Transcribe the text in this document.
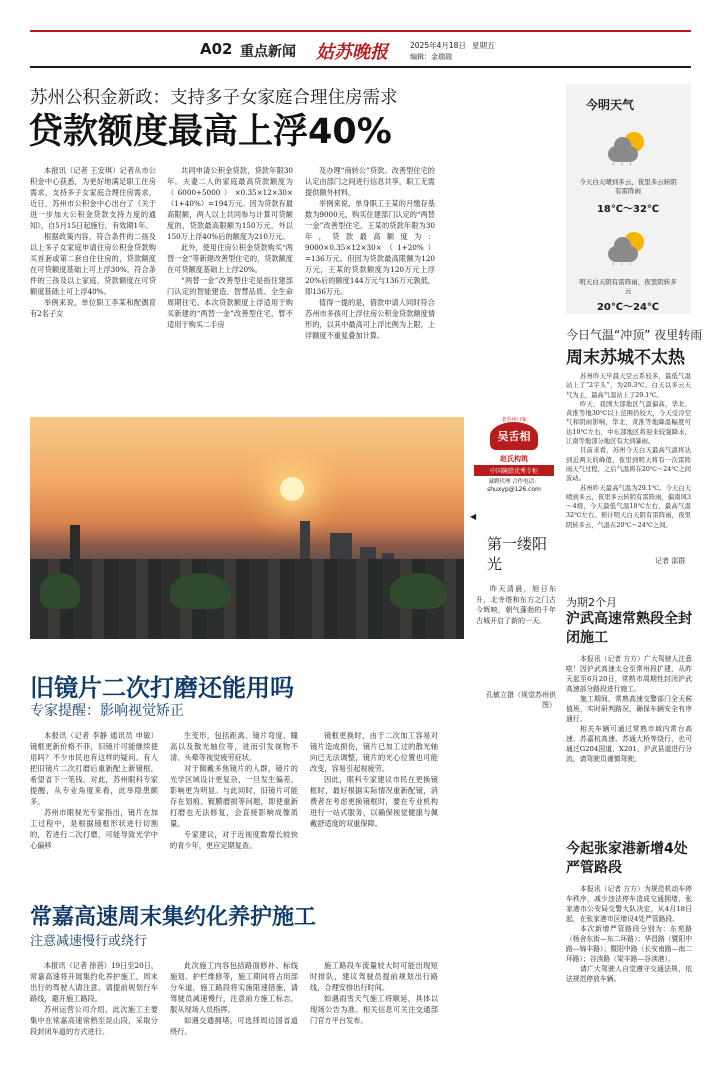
A02 重点新闻 姑苏晚报	2025年4月18日 星期五
编辑：金瑞瑞
苏州公积金新政：支持多子女家庭合理住房需求
贷款额度最高上浮40%

本报讯（记者 王安琪）记者从市公积金中心获悉，为更好地满足职工住房需求，支持多子女家庭合理住房需求，近日，苏州市公积金中心出台了《关于进一步加大公积金贷款支持力度的通知》，自5月15日起施行，有效期1年。

根据政策内容，符合条件的二孩及以上多子女家庭申请住房公积金贷款购买首套或第二套自住住房的，贷款额度在可贷额度基础上可上浮30%。符合条件的三孩及以上家庭，贷款额度在可贷额度基础上可上浮40%。

举例来说，单位职工李某和配偶育有2名子女

共同申请公积金贷款，贷款年限30年。夫妻二人的家庭最高贷款额度为（6000+5000）×0.35×12×30×（1+40%）=194万元。因为贷款有最高限额，两人以上共同参与计算可贷额度的，贷款最高限额为150万元，外以150万上浮40%后的额度为210万元。

此外，使用住房公积金贷款购买“两替一金”等新建改善型住宅的，贷款额度在可贷额度基础上上浮20%。

“两替一金”改善型住宅是指住建部门认定的智能建造、智慧品质、全生命周期住宅。本次贷款额度上浮适用于购买新建的“两替一金”改善型住宅，暂不适用于购买二手房

及办理“商转公”贷款。改善型住宅的认定由部门之间进行信息共享，职工无需提供额外材料。

举例来说，单身职工王某的月缴存基数为9000元，购买住建部门认定的“两替一金”改善型住宅。王某的贷款年限为30年，贷款最高额度为：9000×0.35×12×30×（1+20%）=136万元。但因为贷款最高限额为120万元，王某的贷款额度为120万元上浮20%后的额度144万元与136万元孰低，即136万元。

值得一提的是，借款申请人同时符合苏州市多孩可上浮住房公积金贷款额度情形的，以其中最高可上浮比例为上限，上浮额度不重复叠加计算。

今明天气
' ' '
今天白天晴到多云，夜里多云转阴有雷阵雨
18℃～32℃
' ' '
明天白天阴有雷阵雨，夜里阴转多云
20℃～24℃
今日气温“冲顶” 夜里转雨
周末苏城不太热

苏州昨天早晨天空云系较多，最低气温站上了“2字头”，为20.3℃，白天以多云天气为主，最高气温站上了29.1℃。

昨天，我国大部地区气温偏高，华北、黄淮等地30℃以上范围仍较大，今天受冷空气和阴雨影响，华北、黄淮等地降温幅度可达10℃左右，中东部地区将迎来较强降水，江南等地部分地区有大到暴雨。

目前来看，苏州今天白天最高气温将达到近两天的峰值，夜里到明天将有一次雷阵雨天气过程，之后气温将在20℃～24℃之间波动。

苏州昨天最高气温为29.1℃。今天白天晴到多云，夜里多云转阴有雷阵雨，偏南风3～4级，今天最低气温18℃左右，最高气温32℃左右。预计明天白天阴有雷阵雨，夜里阴转多云，气温在20℃～24℃之间。

记者 邵群
吴舌相
老苏州口味
赵氏构筑
中国腌腊优秀专柜
诚聘代理 合作电话：
shuxyp@126.com
◀
第一缕阳光

昨天清晨，旭日东升，北寺塔和东方之门古今辉映，朝气蓬勃的千年古城开启了新的一天。

孔敏立摄（视觉苏州供图）
旧镜片二次打磨还能用吗
专家提醒：影响视觉矫正

本报讯（记者 李静 通讯员 申敏）镜框更新价格不菲，旧镜片可能继续使用吗？不少市民也有这样的疑问。有人把旧镜片二次打磨后重新配上新镜框，希望省下一笔钱。对此，苏州眼科专家提醒，从专业角度来看，此举隐患颇多。

苏州市眼视光专家指出，镜片在加工过程中，是根据镜框形状进行切割的，若进行二次打磨，可能导致光学中心偏移

生变形，包括距离、镜片弯度、瞳高以及散光轴位等，进而引发视物不清、头晕等视觉疲劳症状。

对于佩戴多焦镜片的人群，镜片的光学区域设计更复杂，一旦发生偏差，影响更为明显。与此同时，旧镜片可能存在划痕、镀膜磨损等问题，即使重新打磨也无法修复，会直接影响成像质量。

专家建议，对于近视度数增长较快的青少年，更应定期复查。

镜框更换时，由于二次加工容易对镜片造成损伤，镜片已加工过的散光轴向已无法调整，镜片的光心位置也可能改变，容易引起视疲劳。

因此，眼科专家建议市民在更换镜框时，最好根据实际情况重新配镜，消费者在考虑更换镜框时，要在专业机构进行一站式服务，以确保视觉健康与佩戴舒适度的双重保障。

为期2个月
沪武高速常熟段全封闭施工

本报讯（记者 方方）广大驾驶人注意啦！因沪武高速太仓至常州段扩建，从昨天起至6月20日，常熟市周期性封闭沪武高速部分路段进行施工。

施工期间，常熟高速交警部门全天候值班，实时研判路况，确保车辆安全有序通行。

相关车辆可通过常熟市域内常台高速、苏嘉杭高速、苏通大桥等绕行，也可通过G204国道、X201、沪武县道进行分流，请驾驶员谨慎驾驶。

今起张家港新增4处严管路段

本报讯（记者 方方）为规范机动车停车秩序，减少违法停车造成交通拥堵，张家港市公安局交警大队决定，从4月18日起，在张家港市区增设4处严管路段。

本次新增严管路段分别为：东苑路（杨舍东街—东二环路）；华昌路（暨阳中路—锦丰路）；暨阳中路（长安南路—南二环路）；谷渎路（梁丰路—谷渎港）。

请广大驾驶人自觉遵守交通法规，依法规范停放车辆。

常嘉高速周末集约化养护施工
注意减速慢行或绕行

本报讯（记者 徐蓓）19日至20日，常嘉高速将开展集约化养护施工，周末出行的驾驶人请注意。请提前规划行车路线，避开施工路段。

苏州运营公司介绍，此次施工主要集中在常嘉高速常熟至昆山段，采取分段封闭车道的方式进行。

此次施工内容包括路面修补、标线施划、护栏维修等，施工期间将占用部分车道，施工路段将实施限速措施，请驾驶员减速慢行，注意前方施工标志，服从现场人员指挥。

如遇交通拥堵，可选择周边国省道绕行。

施工路段车流量较大时可能出现短时排队，建议驾驶员提前规划出行路线，合理安排出行时间。

如遇雨雪天气施工将顺延，具体以现场公告为准。相关信息可关注交通部门官方平台发布。
